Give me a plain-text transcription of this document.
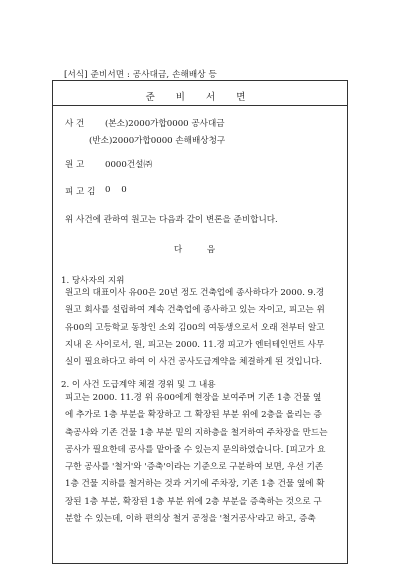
[서식] 준비서면 : 공사대금, 손해배상 등
준 비 서 면
사 건 (본소)2000가합0000 공사대금
(반소)2000가합0000 손해배상청구
원 고 0000건설㈜
피 고 김 0 0
위 사건에 관하여 원고는 다음과 같이 변론을 준비합니다.
다 음
1. 당사자의 지위
원고의 대표이사 유00은 20년 정도 건축업에 종사하다가 2000. 9.경
원고 회사를 설립하여 계속 건축업에 종사하고 있는 자이고, 피고는 위
유00의 고등학교 동창인 소외 김00의 여동생으로서 오래 전부터 알고
지내 온 사이로서, 원, 피고는 2000. 11.경 피고가 엔터테인먼트 사무
실이 필요하다고 하여 이 사건 공사도급계약을 체결하게 된 것입니다.
2. 이 사건 도급계약 체결 경위 및 그 내용
피고는 2000. 11.경 위 유00에게 현장을 보여주며 기존 1층 건물 옆
에 추가로 1층 부분을 확장하고 그 확장된 부분 위에 2층을 올리는 증
축공사와 기존 건물 1층 부분 밑의 지하층을 철거하여 주차장을 만드는
공사가 필요한데 공사를 맡아줄 수 있는지 문의하였습니다. [피고가 요
구한 공사를 '철거'와 '증축'이라는 기준으로 구분하여 보면, 우선 기존
1층 건물 지하를 철거하는 것과 거기에 주차장, 기존 1층 건물 옆에 확
장된 1층 부분, 확장된 1층 부분 위에 2층 부분을 증축하는 것으로 구
분할 수 있는데, 이하 편의상 철거 공정을 '철거공사'라고 하고, 증축
